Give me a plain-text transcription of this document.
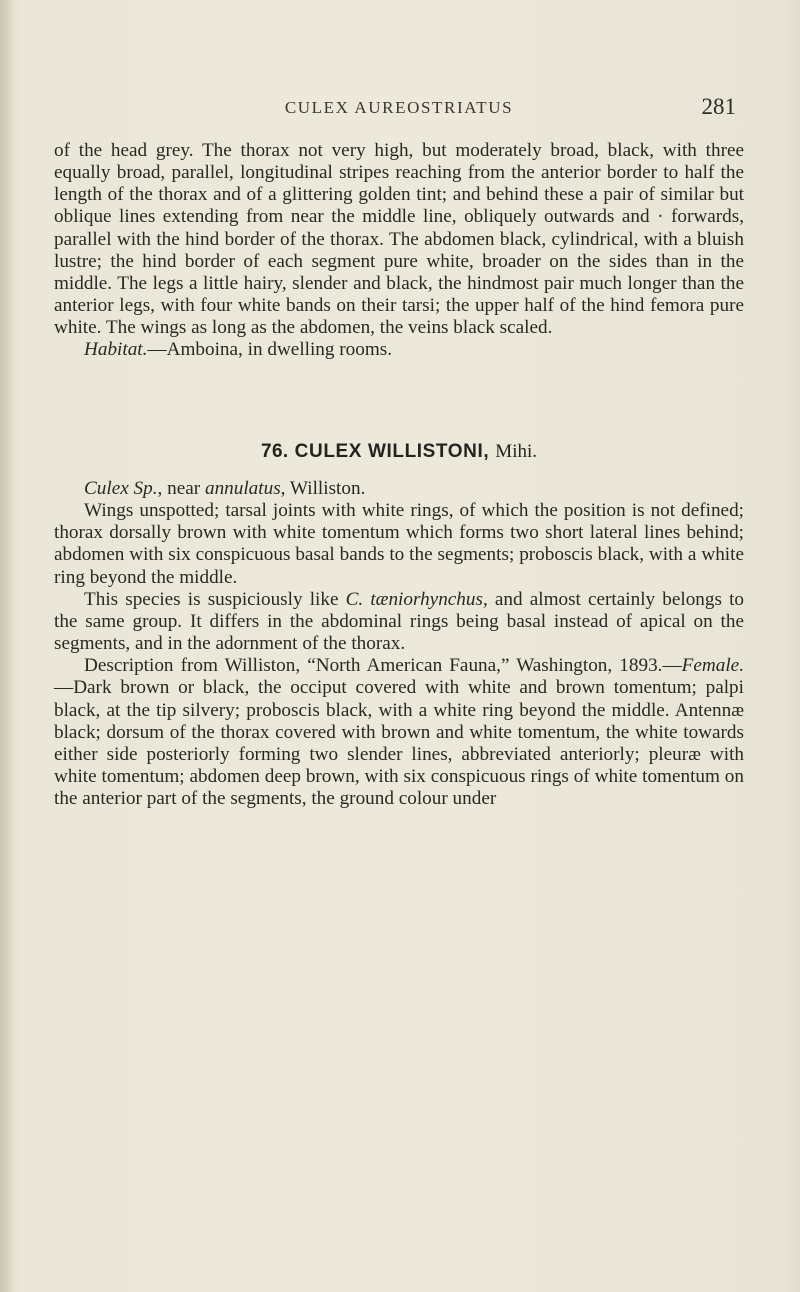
CULEX AUREOSTRIATUS	281

of the head grey. The thorax not very high, but moderately broad, black, with three equally broad, parallel, longitudinal stripes reaching from the anterior border to half the length of the thorax and of a glittering golden tint; and behind these a pair of similar but oblique lines extending from near the middle line, obliquely outwards and · forwards, parallel with the hind border of the thorax. The abdomen black, cylindrical, with a bluish lustre; the hind border of each segment pure white, broader on the sides than in the middle. The legs a little hairy, slender and black, the hindmost pair much longer than the anterior legs, with four white bands on their tarsi; the upper half of the hind femora pure white. The wings as long as the abdomen, the veins black scaled.

Habitat.—Amboina, in dwelling rooms.

76. CULEX WILLISTONI, Mihi.

Culex Sp., near annulatus, Williston.

Wings unspotted; tarsal joints with white rings, of which the position is not defined; thorax dorsally brown with white tomentum which forms two short lateral lines behind; abdomen with six conspicuous basal bands to the segments; proboscis black, with a white ring beyond the middle.

This species is suspiciously like C. tæniorhynchus, and almost certainly belongs to the same group. It differs in the abdominal rings being basal instead of apical on the segments, and in the adornment of the thorax.

Description from Williston, “North American Fauna,” Washington, 1893.—Female.—Dark brown or black, the occiput covered with white and brown tomentum; palpi black, at the tip silvery; proboscis black, with a white ring beyond the middle. Antennæ black; dorsum of the thorax covered with brown and white tomentum, the white towards either side posteriorly forming two slender lines, abbreviated anteriorly; pleuræ with white tomentum; abdomen deep brown, with six conspicuous rings of white tomentum on the anterior part of the segments, the ground colour under
